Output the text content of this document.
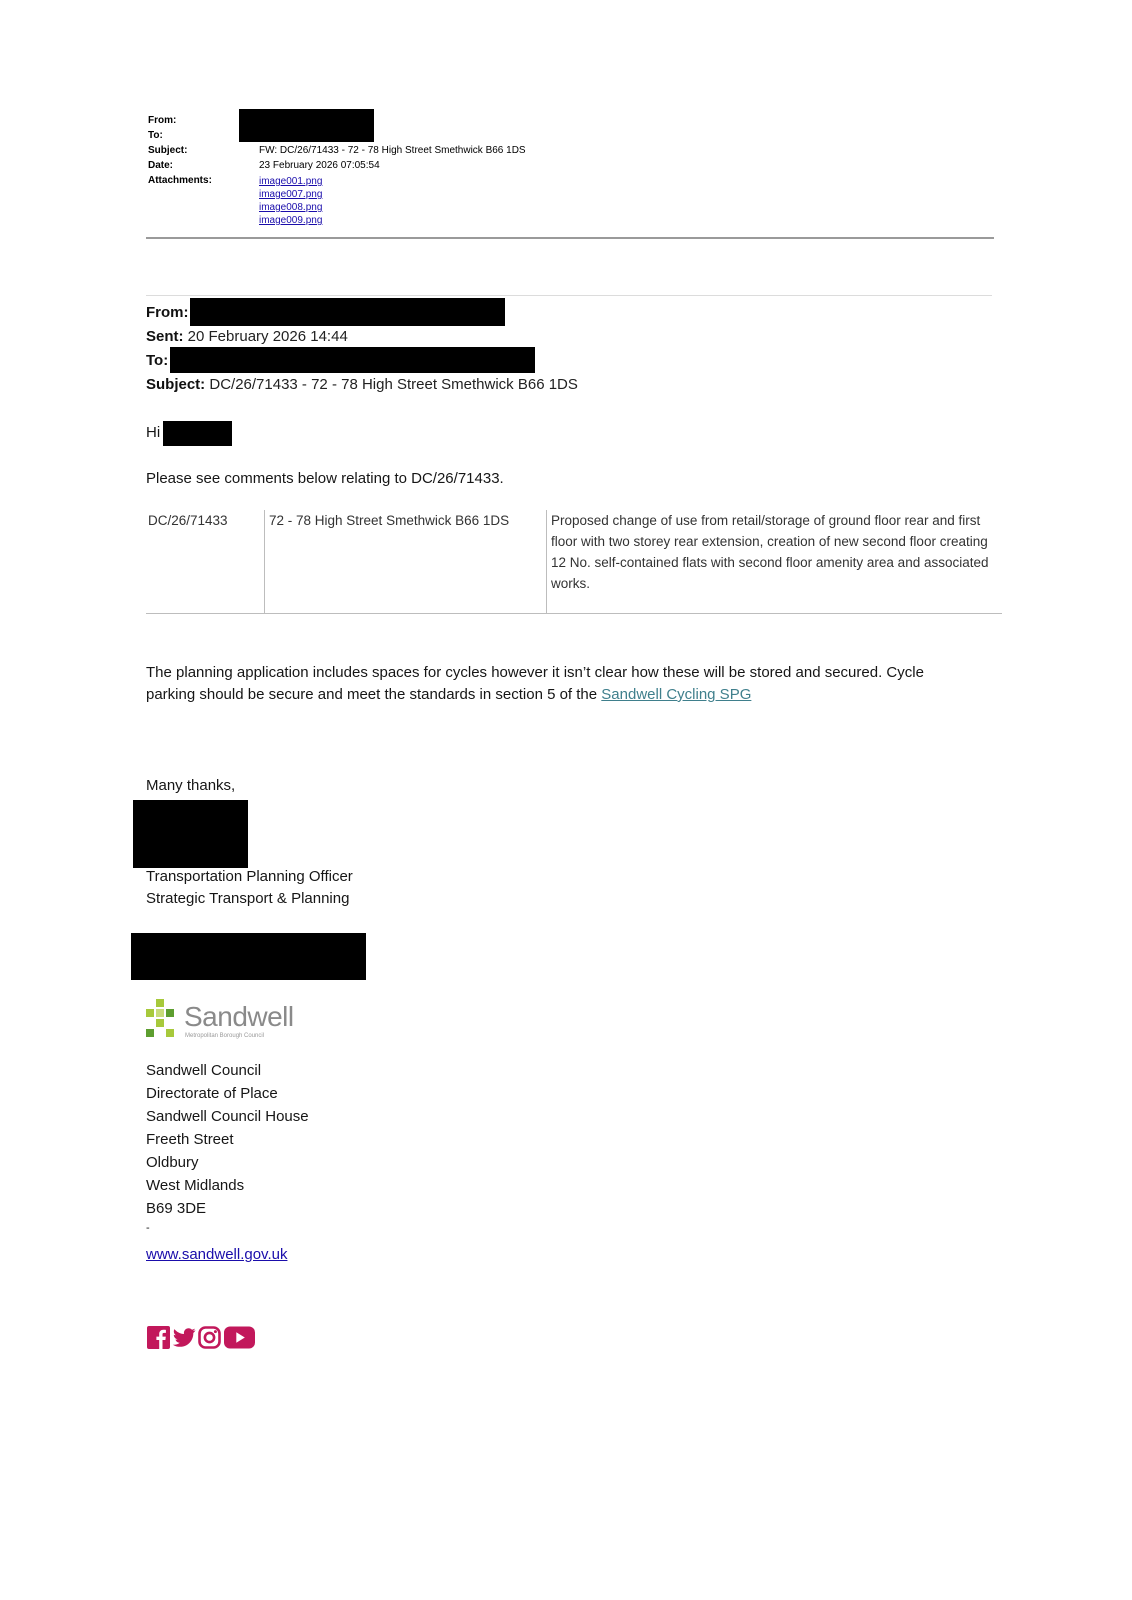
From:
To:
Subject:	FW: DC/26/71433 - 72 - 78 High Street Smethwick B66 1DS
Date:	23 February 2026 07:05:54
Attachments:	image001.png
image007.png
image008.png
image009.png
From:
Sent: 20 February 2026 14:44
To:
Subject: DC/26/71433 - 72 - 78 High Street Smethwick B66 1DS
Hi
Please see comments below relating to DC/26/71433.
DC/26/71433	72 - 78 High Street Smethwick B66 1DS	Proposed change of use from retail/storage of ground floor rear and first floor with two storey rear extension, creation of new second floor creating 12 No. self-contained flats with second floor amenity area and associated works.
The planning application includes spaces for cycles however it isn’t clear how these will be stored and secured. Cycle
parking should be secure and meet the standards in section 5 of the Sandwell Cycling SPG
Many thanks,
Transportation Planning Officer
Strategic Transport & Planning
Sandwell
Metropolitan Borough Council
Sandwell Council
Directorate of Place
Sandwell Council House
Freeth Street
Oldbury
West Midlands
B69 3DE
-
www.sandwell.gov.uk
